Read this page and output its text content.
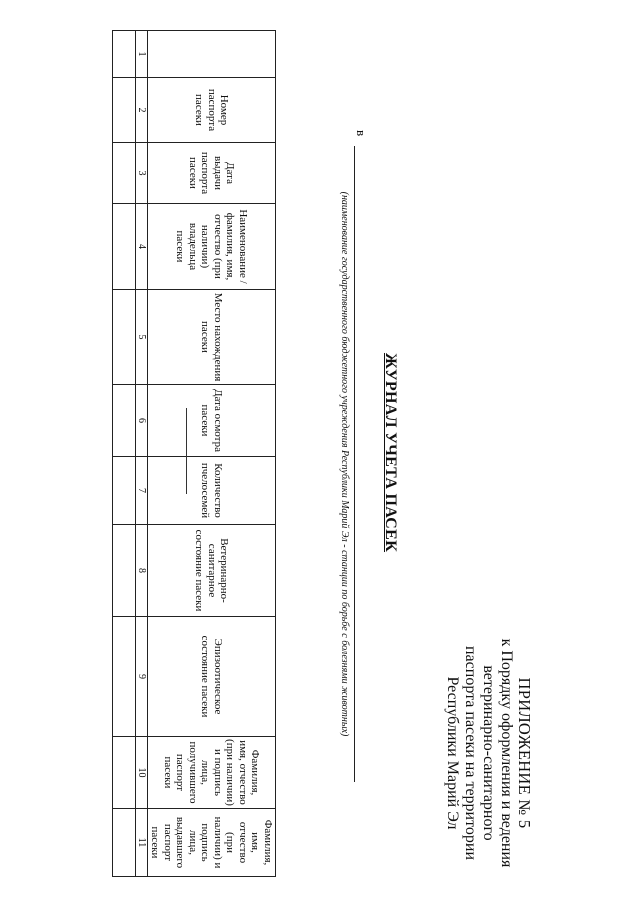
ПРИЛОЖЕНИЕ № 5
к Порядку оформления и ведения
ветеринарно-санитарного
паспорта пасеки на территории
Республики Марий Эл
ЖУРНАЛ УЧЕТА ПАСЕК
в
(наименование государственного бюджетного учреждения Республики Марий Эл - станции по борьбе с болезнями животных)
	Номер паспорта пасеки	Дата выдачи паспорта пасеки	Наименование / фамилия, имя, отчество (при наличии) владельца пасеки	Место нахождения пасеки	Дата осмотра пасеки	Количество пчелосемей	Ветеринарно-санитарное состояние пасеки	Эпизоотическое состояние пасеки	Фамилия, имя, отчество (при наличии) и подпись лица, получившего паспорт пасеки	Фамилия, имя, отчество (при наличии) и подпись лица, выдавшего паспорт пасеки
1	2	3	4	5	6	7	8	9	10	11
